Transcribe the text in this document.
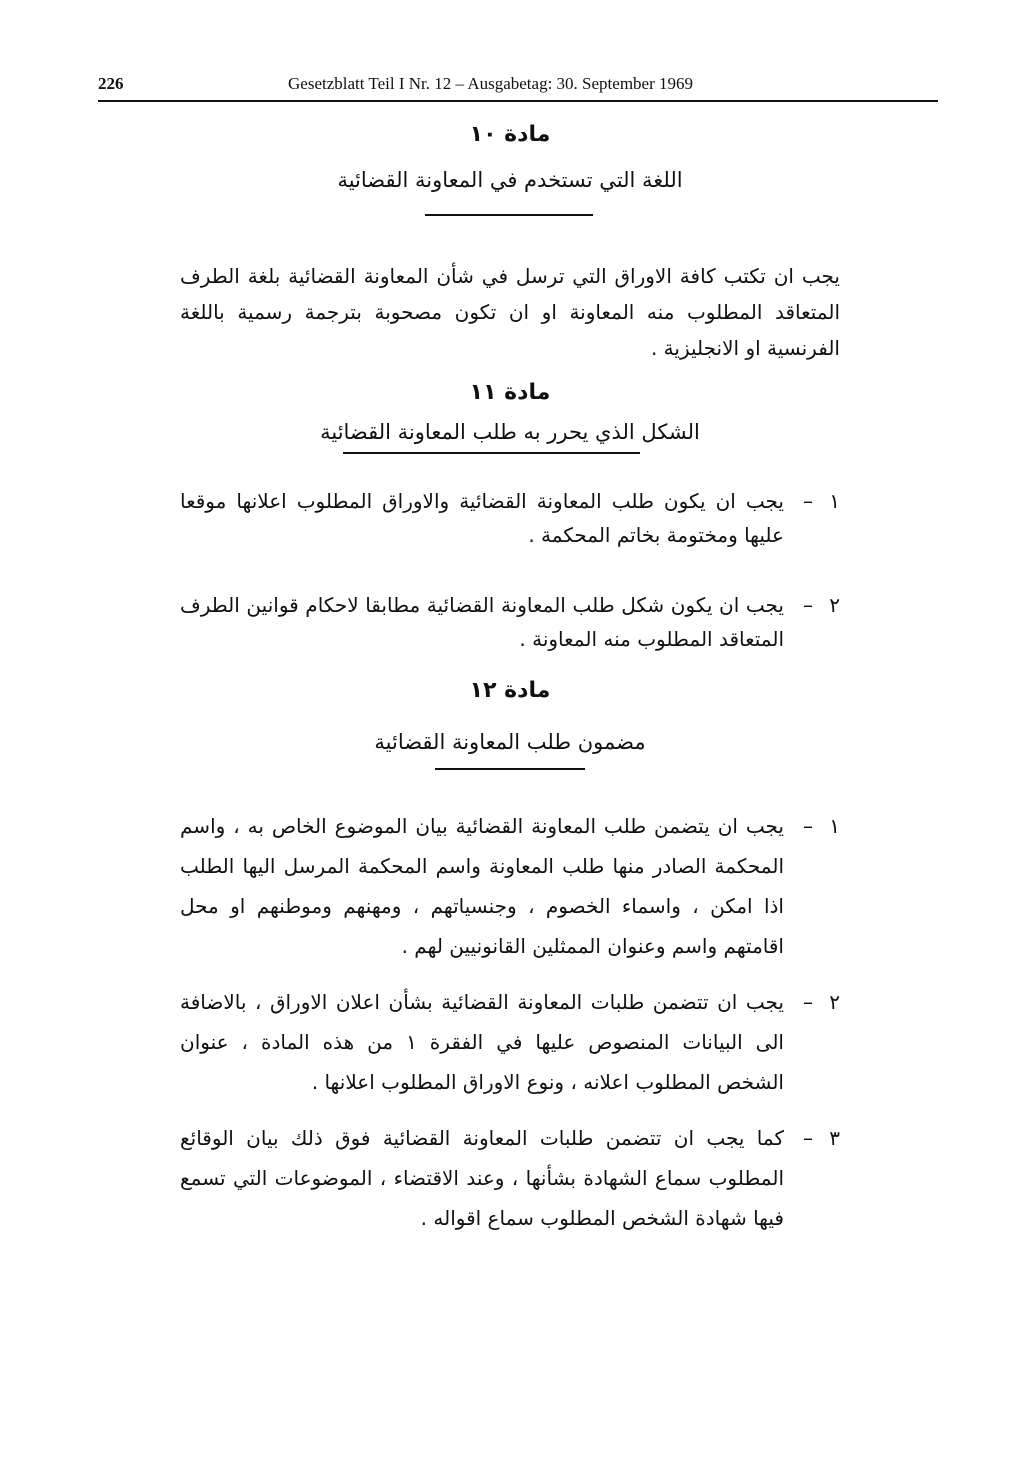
226	Gesetzblatt Teil I Nr. 12 – Ausgabetag: 30. September 1969
مادة ١٠
اللغة التي تستخدم في المعاونة القضائية
يجب ان تكتب كافة الاوراق التي ترسل في شأن المعاونة القضائية بلغة الطرف المتعاقد المطلوب منه المعاونة او ان تكون مصحوبة بترجمة رسمية باللغة الفرنسية او الانجليزية .
مادة ١١
الشكل الذي يحرر به طلب المعاونة القضائية
١
–
يجب ان يكون طلب المعاونة القضائية والاوراق المطلوب اعلانها موقعا عليها ومختومة بخاتم المحكمة .
٢
–
يجب ان يكون شكل طلب المعاونة القضائية مطابقا لاحكام قوانين الطرف المتعاقد المطلوب منه المعاونة .
مادة ١٢
مضمون طلب المعاونة القضائية
١
–
يجب ان يتضمن طلب المعاونة القضائية بيان الموضوع الخاص به ، واسم المحكمة الصادر منها طلب المعاونة واسم المحكمة المرسل اليها الطلب اذا امكن ، واسماء الخصوم ، وجنسياتهم ، ومهنهم وموطنهم او محل اقامتهم واسم وعنوان الممثلين القانونيين لهم .
٢
–
يجب ان تتضمن طلبات المعاونة القضائية بشأن اعلان الاوراق ، بالاضافة الى البيانات المنصوص عليها في الفقرة ١ من هذه المادة ، عنوان الشخص المطلوب اعلانه ، ونوع الاوراق المطلوب اعلانها .
٣
–
كما يجب ان تتضمن طلبات المعاونة القضائية فوق ذلك بيان الوقائع المطلوب سماع الشهادة بشأنها ، وعند الاقتضاء ، الموضوعات التي تسمع فيها شهادة الشخص المطلوب سماع اقواله .
